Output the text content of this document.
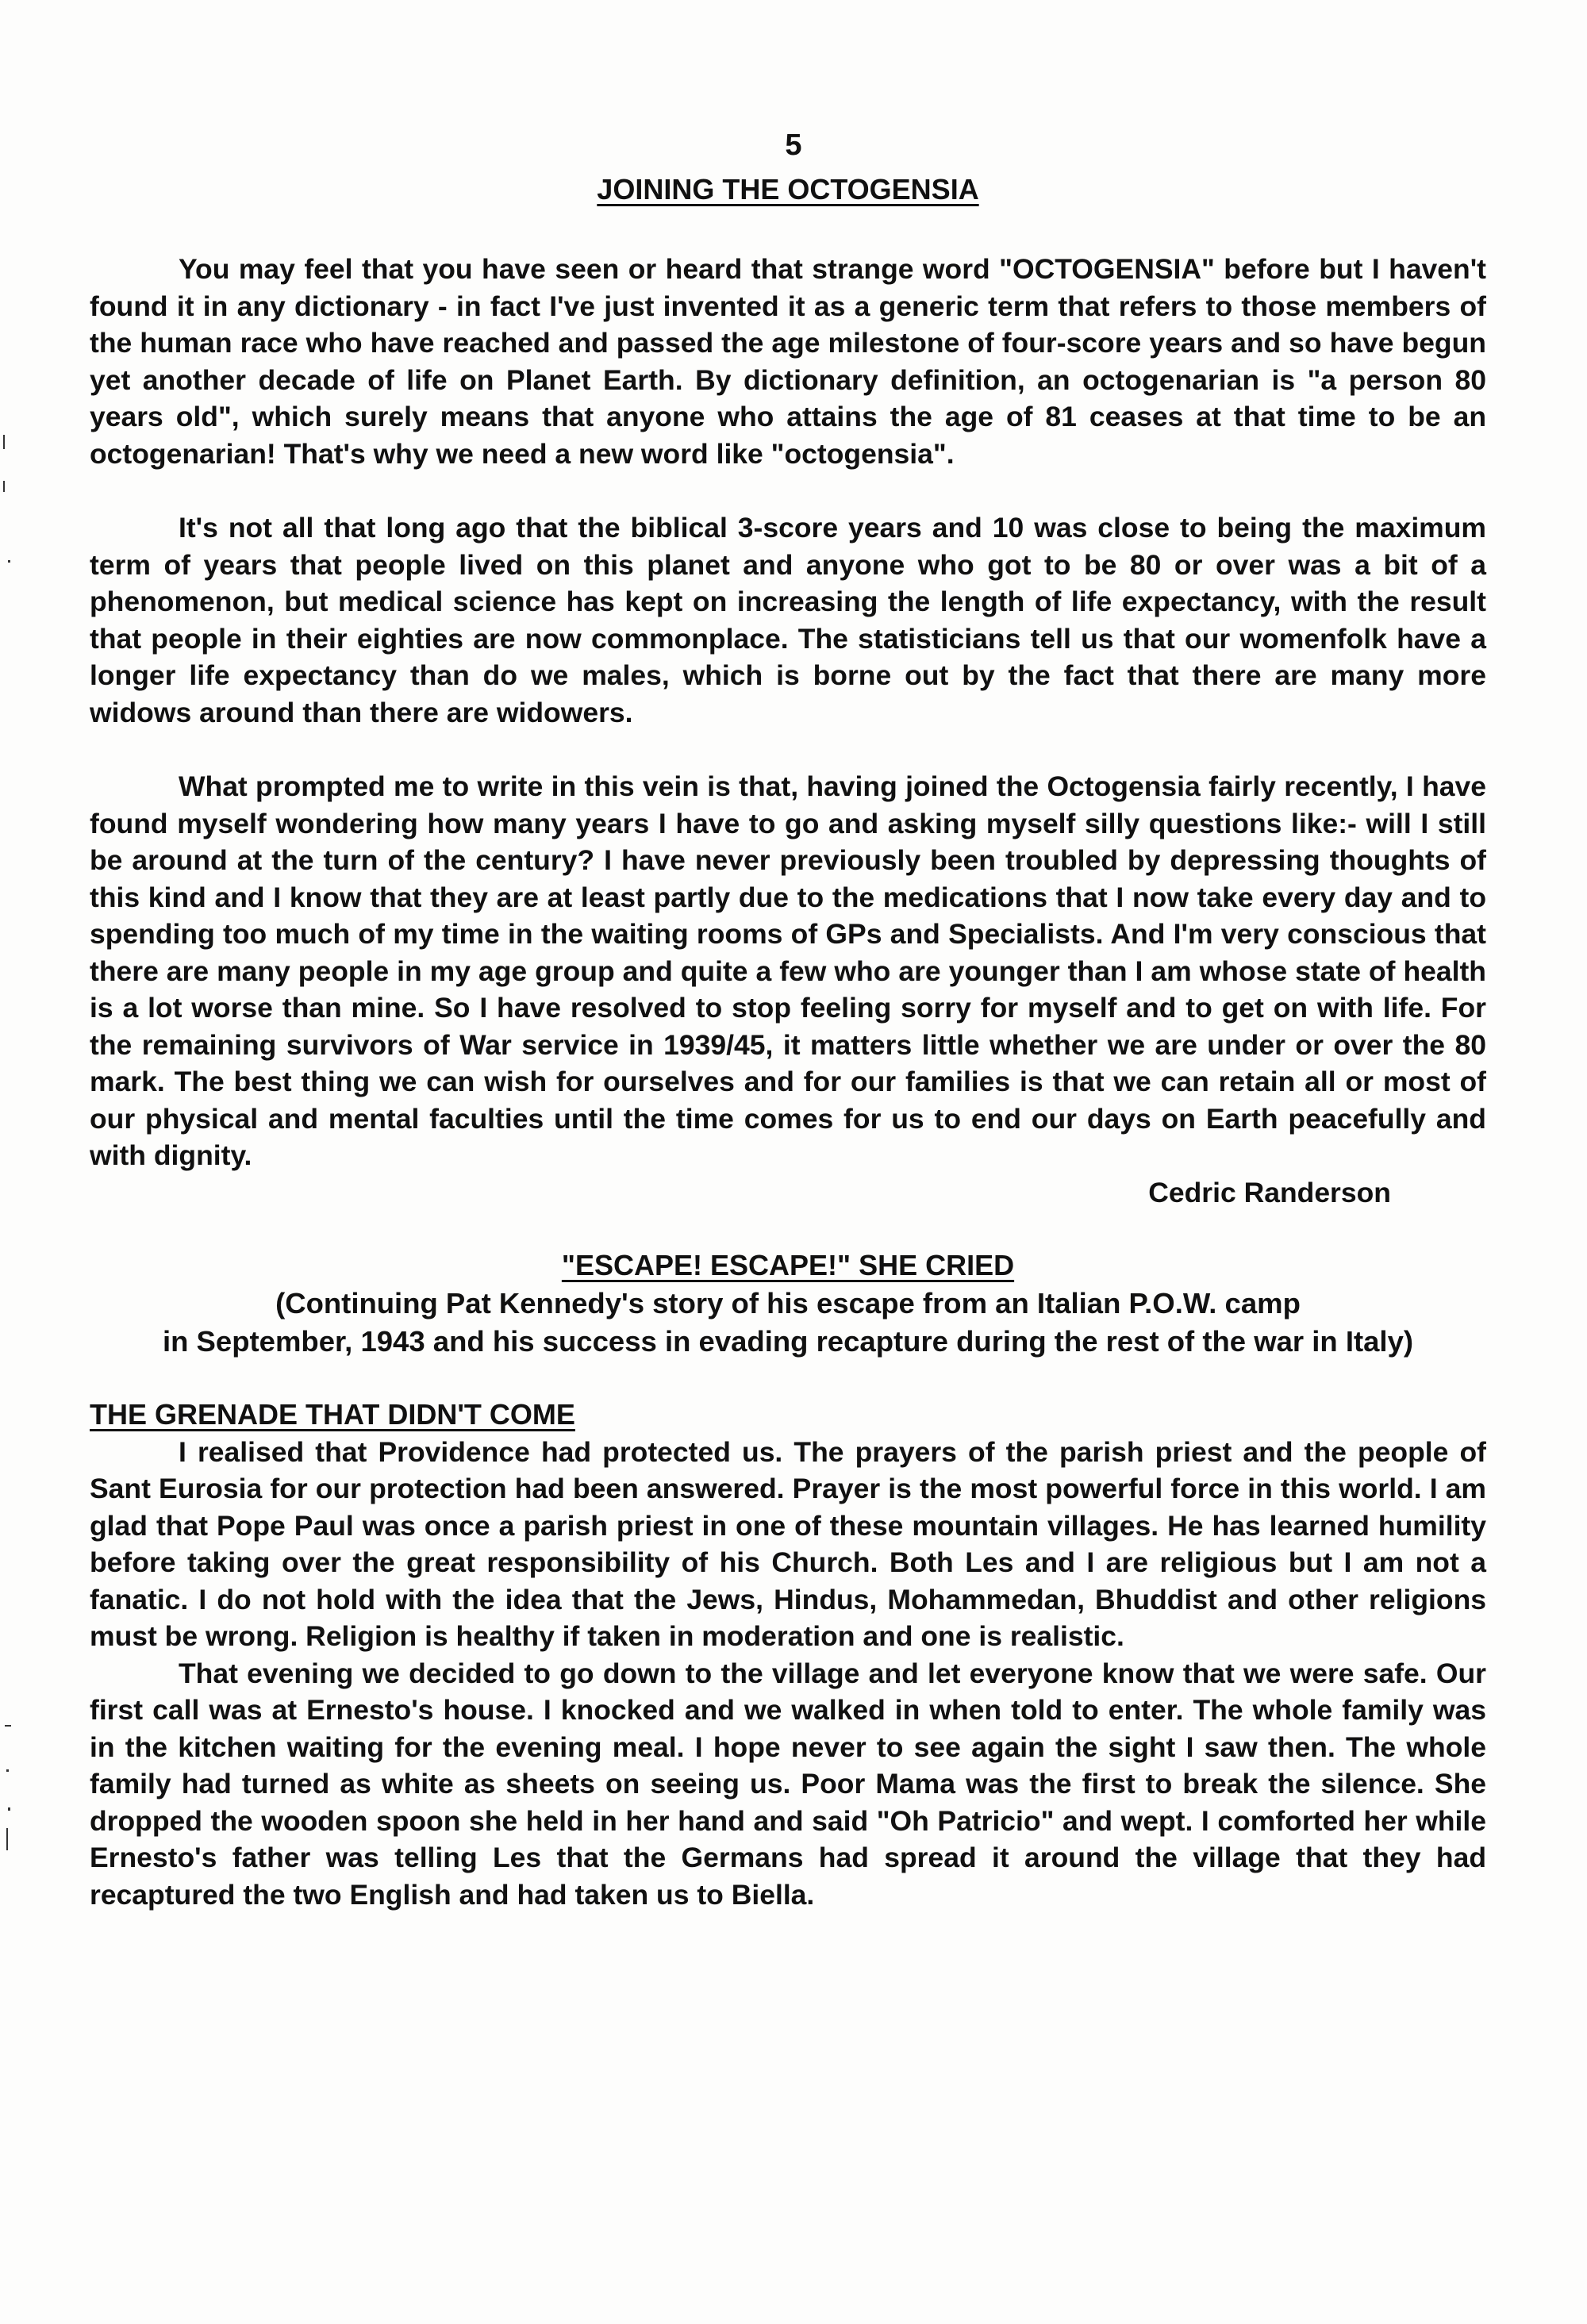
5
JOINING THE OCTOGENSIA

You may feel that you have seen or heard that strange word "OCTOGENSIA" before but I haven't found it in any dictionary - in fact I've just invented it as a generic term that refers to those members of the human race who have reached and passed the age milestone of four-score years and so have begun yet another decade of life on Planet Earth. By dictionary definition, an octogenarian is "a person 80 years old", which surely means that anyone who attains the age of 81 ceases at that time to be an octogenarian! That's why we need a new word like "octogensia".

It's not all that long ago that the biblical 3-score years and 10 was close to being the maximum term of years that people lived on this planet and anyone who got to be 80 or over was a bit of a phenomenon, but medical science has kept on increasing the length of life expectancy, with the result that people in their eighties are now commonplace. The statisticians tell us that our womenfolk have a longer life expectancy than do we males, which is borne out by the fact that there are many more widows around than there are widowers.

What prompted me to write in this vein is that, having joined the Octogensia fairly recently, I have found myself wondering how many years I have to go and asking myself silly questions like:- will I still be around at the turn of the century? I have never previously been troubled by depressing thoughts of this kind and I know that they are at least partly due to the medications that I now take every day and to spending too much of my time in the waiting rooms of GPs and Specialists. And I'm very conscious that there are many people in my age group and quite a few who are younger than I am whose state of health is a lot worse than mine. So I have resolved to stop feeling sorry for myself and to get on with life. For the remaining survivors of War service in 1939/45, it matters little whether we are under or over the 80 mark. The best thing we can wish for ourselves and for our families is that we can retain all or most of our physical and mental faculties until the time comes for us to end our days on Earth peacefully and with dignity.

Cedric Randerson
"ESCAPE! ESCAPE!" SHE CRIED
(Continuing Pat Kennedy's story of his escape from an Italian P.O.W. camp
in September, 1943 and his success in evading recapture during the rest of the war in Italy)
THE GRENADE THAT DIDN'T COME

I realised that Providence had protected us. The prayers of the parish priest and the people of Sant Eurosia for our protection had been answered. Prayer is the most powerful force in this world. I am glad that Pope Paul was once a parish priest in one of these mountain villages. He has learned humility before taking over the great responsibility of his Church. Both Les and I are religious but I am not a fanatic. I do not hold with the idea that the Jews, Hindus, Mohammedan, Bhuddist and other religions must be wrong. Religion is healthy if taken in moderation and one is realistic.

That evening we decided to go down to the village and let everyone know that we were safe. Our first call was at Ernesto's house. I knocked and we walked in when told to enter. The whole family was in the kitchen waiting for the evening meal. I hope never to see again the sight I saw then. The whole family had turned as white as sheets on seeing us. Poor Mama was the first to break the silence. She dropped the wooden spoon she held in her hand and said "Oh Patricio" and wept. I comforted her while Ernesto's father was telling Les that the Germans had spread it around the village that they had recaptured the two English and had taken us to Biella.
